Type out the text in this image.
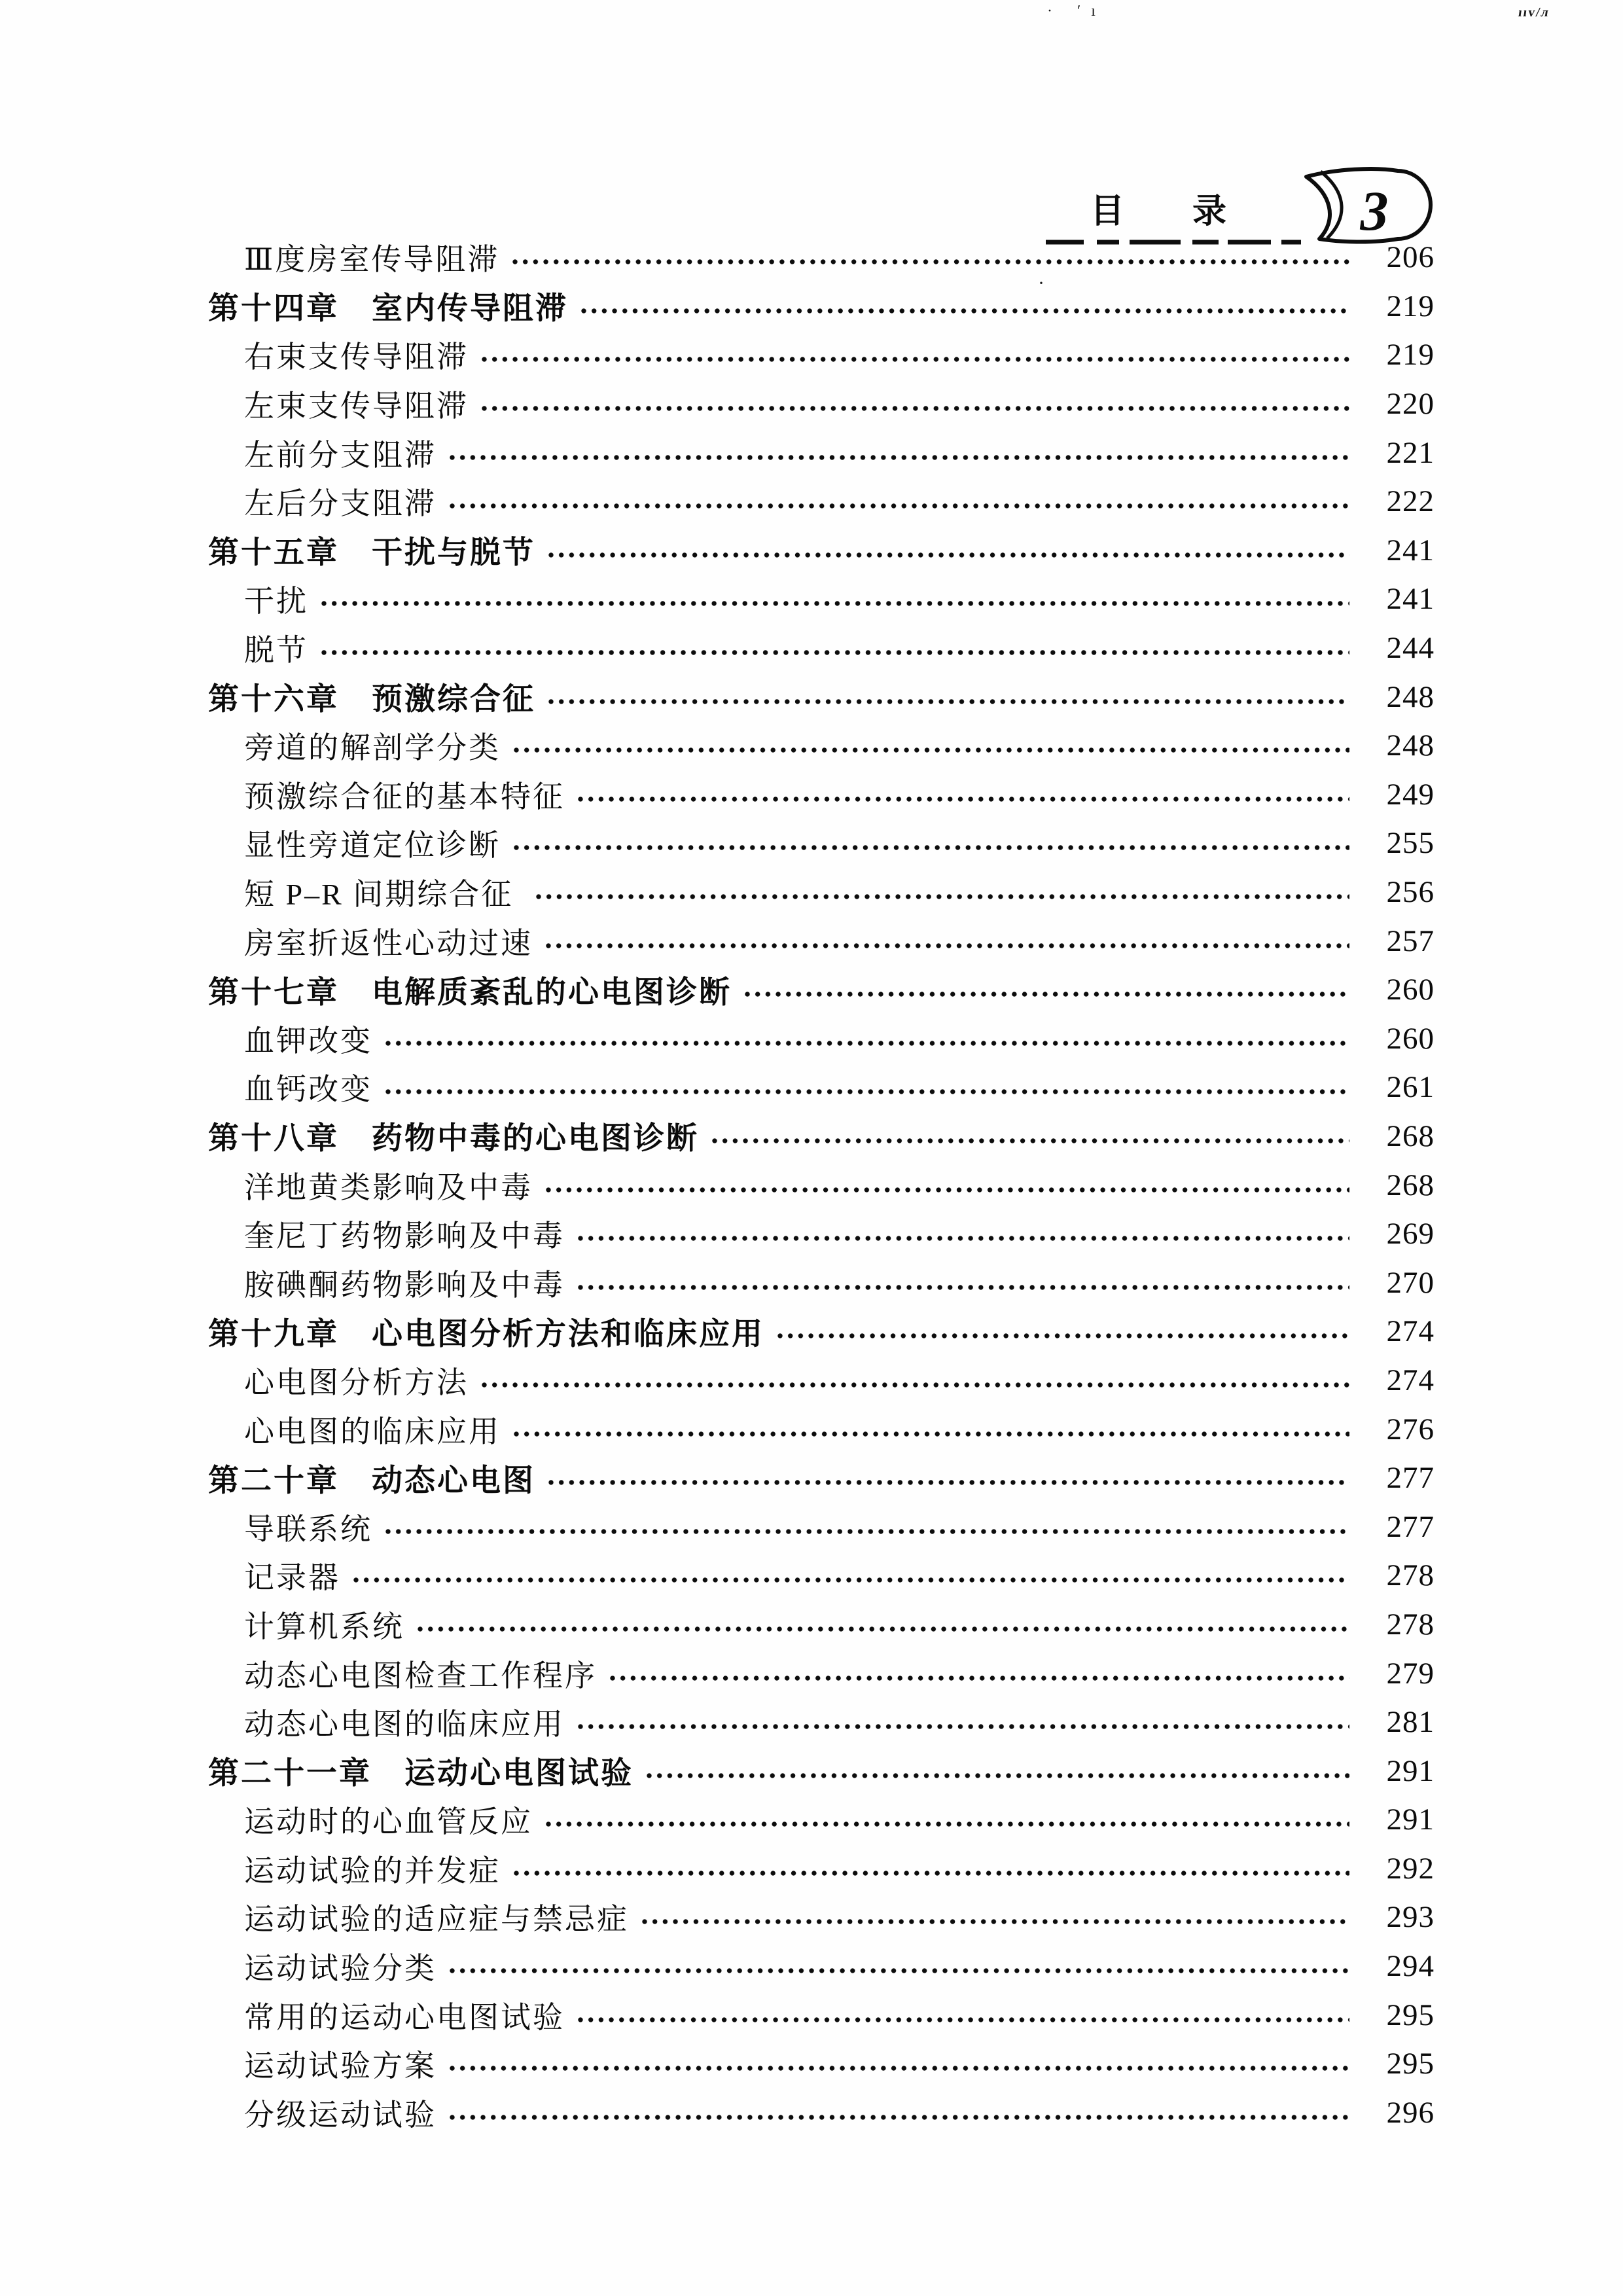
· ʹı	ııv/ᴫ
·
目　录 3
Ⅲ度房室传导阻滞	206
第十四章　室内传导阻滞	219
右束支传导阻滞	219
左束支传导阻滞	220
左前分支阻滞	221
左后分支阻滞	222
第十五章　干扰与脱节	241
干扰	241
脱节	244
第十六章　预激综合征	248
旁道的解剖学分类	248
预激综合征的基本特征	249
显性旁道定位诊断	255
短 P–R 间期综合征	256
房室折返性心动过速	257
第十七章　电解质紊乱的心电图诊断	260
血钾改变	260
血钙改变	261
第十八章　药物中毒的心电图诊断	268
洋地黄类影响及中毒	268
奎尼丁药物影响及中毒	269
胺碘酮药物影响及中毒	270
第十九章　心电图分析方法和临床应用	274
心电图分析方法	274
心电图的临床应用	276
第二十章　动态心电图	277
导联系统	277
记录器	278
计算机系统	278
动态心电图检查工作程序	279
动态心电图的临床应用	281
第二十一章　运动心电图试验	291
运动时的心血管反应	291
运动试验的并发症	292
运动试验的适应症与禁忌症	293
运动试验分类	294
常用的运动心电图试验	295
运动试验方案	295
分级运动试验	296
